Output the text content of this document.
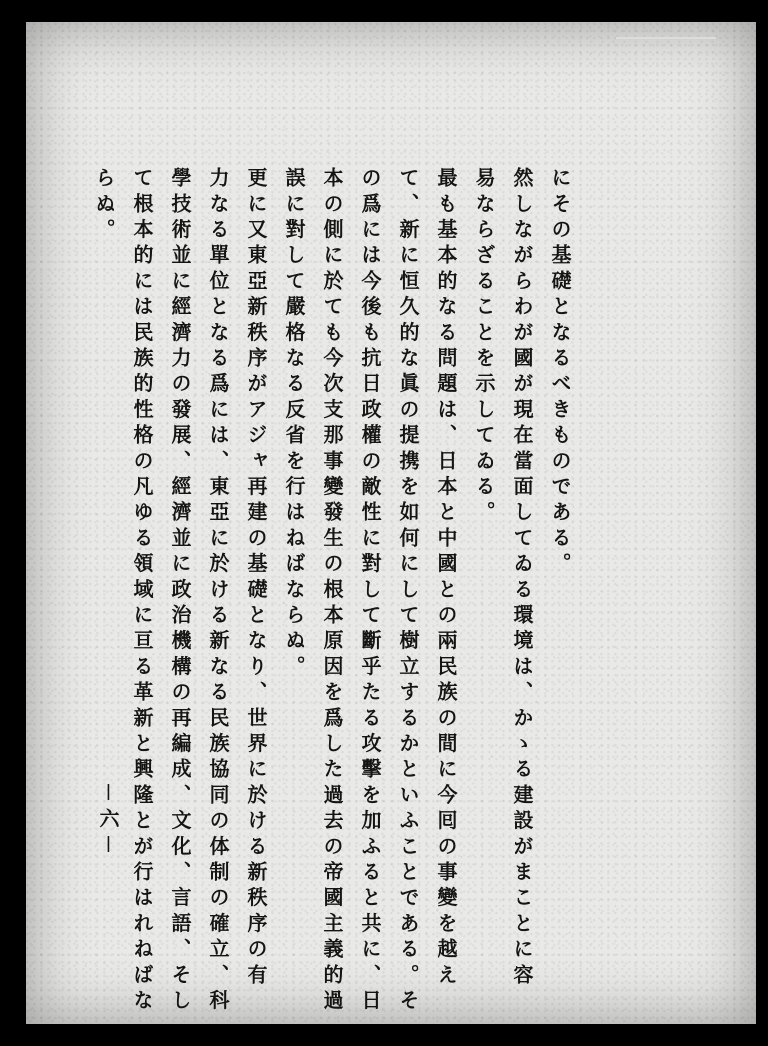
にその基礎となるべきものである。
然しながらわが國が現在當面してゐる環境は、かゝる建設がまことに容
易ならざることを示してゐる。
最も基本的なる問題は、日本と中國との兩民族の間に今囘の事變を越え
て、新に恒久的な眞の提携を如何にして樹立するかといふことである。そ
の爲には今後も抗日政權の敵性に對して斷乎たる攻擊を加ふると共に、日
本の側に於ても今次支那事變發生の根本原因を爲した過去の帝國主義的過
誤に對して嚴格なる反省を行はねばならぬ。
更に又東亞新秩序がアジャ再建の基礎となり、世界に於ける新秩序の有
力なる單位となる爲には、東亞に於ける新なる民族協同の体制の確立、科
學技術並に經濟力の發展、經濟並に政治機構の再編成、文化、言語、そし
て根本的には民族的性格の凡ゆる領域に亘る革新と興隆とが行はれねばな
らぬ。
－六－
